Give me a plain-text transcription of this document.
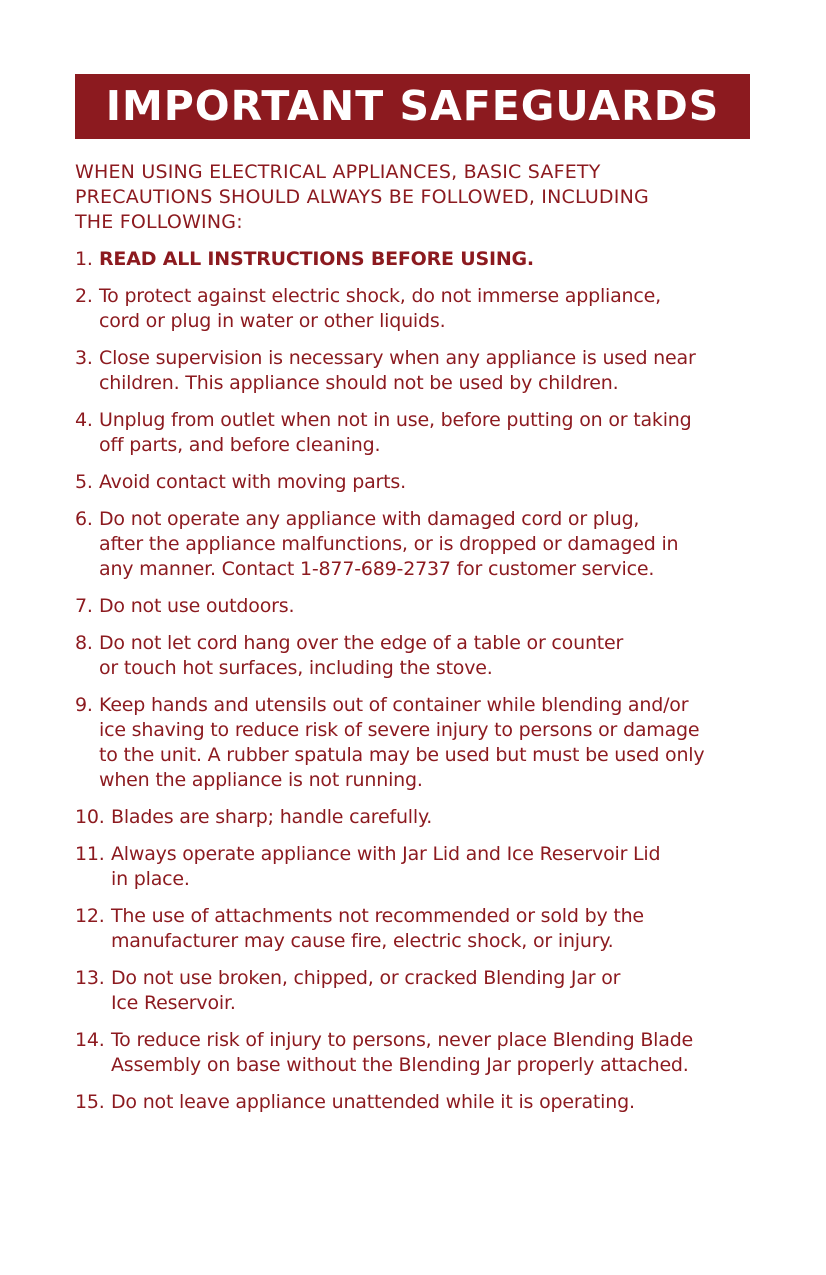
IMPORTANT SAFEGUARDS
WHEN USING ELECTRICAL APPLIANCES, BASIC SAFETY
PRECAUTIONS SHOULD ALWAYS BE FOLLOWED, INCLUDING
THE FOLLOWING:
1. READ ALL INSTRUCTIONS BEFORE USING.
2. To protect against electric shock, do not immerse appliance,
cord or plug in water or other liquids.
3. Close supervision is necessary when any appliance is used near
children. This appliance should not be used by children.
4. Unplug from outlet when not in use, before putting on or taking
off parts, and before cleaning.
5. Avoid contact with moving parts.
6. Do not operate any appliance with damaged cord or plug,
after the appliance malfunctions, or is dropped or damaged in
any manner. Contact 1-877-689-2737 for customer service.
7. Do not use outdoors.
8. Do not let cord hang over the edge of a table or counter
or touch hot surfaces, including the stove.
9. Keep hands and utensils out of container while blending and/or
ice shaving to reduce risk of severe injury to persons or damage
to the unit. A rubber spatula may be used but must be used only
when the appliance is not running.
10. Blades are sharp; handle carefully.
11. Always operate appliance with Jar Lid and Ice Reservoir Lid
in place.
12. The use of attachments not recommended or sold by the
manufacturer may cause fire, electric shock, or injury.
13. Do not use broken, chipped, or cracked Blending Jar or
Ice Reservoir.
14. To reduce risk of injury to persons, never place Blending Blade
Assembly on base without the Blending Jar properly attached.
15. Do not leave appliance unattended while it is operating.
